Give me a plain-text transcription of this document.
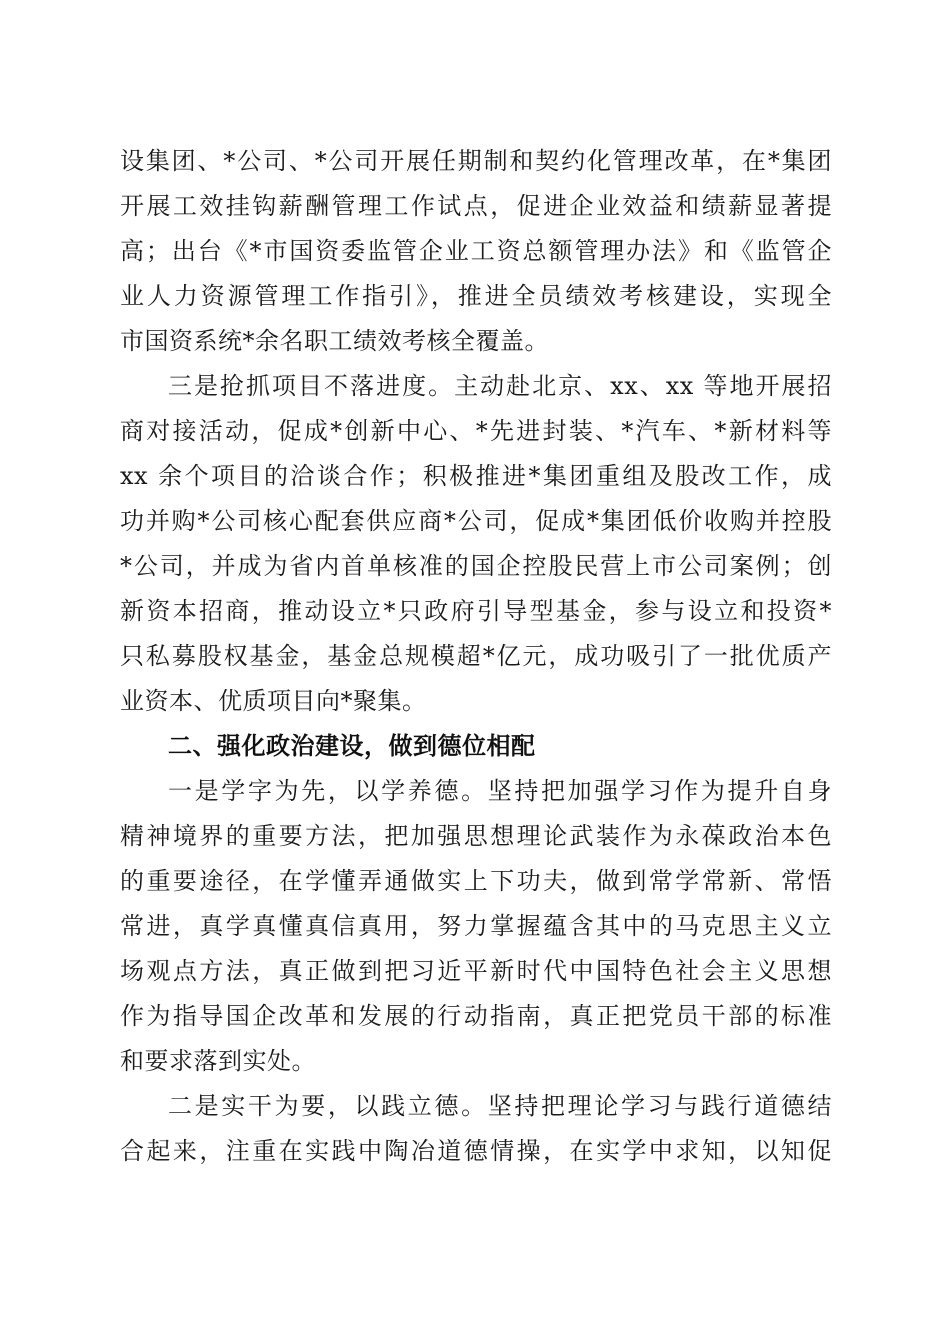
设集团、*公司、*公司开展任期制和契约化管理改革，在*集团
开展工效挂钩薪酬管理工作试点，促进企业效益和绩薪显著提
高；出台《*市国资委监管企业工资总额管理办法》和《监管企
业人力资源管理工作指引》，推进全员绩效考核建设，实现全
市国资系统*余名职工绩效考核全覆盖。
三是抢抓项目不落进度。主动赴北京、xx、xx 等地开展招
商对接活动，促成*创新中心、*先进封装、*汽车、*新材料等
xx 余个项目的洽谈合作；积极推进*集团重组及股改工作，成
功并购*公司核心配套供应商*公司，促成*集团低价收购并控股
*公司，并成为省内首单核准的国企控股民营上市公司案例；创
新资本招商，推动设立*只政府引导型基金，参与设立和投资*
只私募股权基金，基金总规模超*亿元，成功吸引了一批优质产
业资本、优质项目向*聚集。
二、强化政治建设，做到德位相配
一是学字为先，以学养德。坚持把加强学习作为提升自身
精神境界的重要方法，把加强思想理论武装作为永葆政治本色
的重要途径，在学懂弄通做实上下功夫，做到常学常新、常悟
常进，真学真懂真信真用，努力掌握蕴含其中的马克思主义立
场观点方法，真正做到把习近平新时代中国特色社会主义思想
作为指导国企改革和发展的行动指南，真正把党员干部的标准
和要求落到实处。
二是实干为要，以践立德。坚持把理论学习与践行道德结
合起来，注重在实践中陶冶道德情操，在实学中求知，以知促
